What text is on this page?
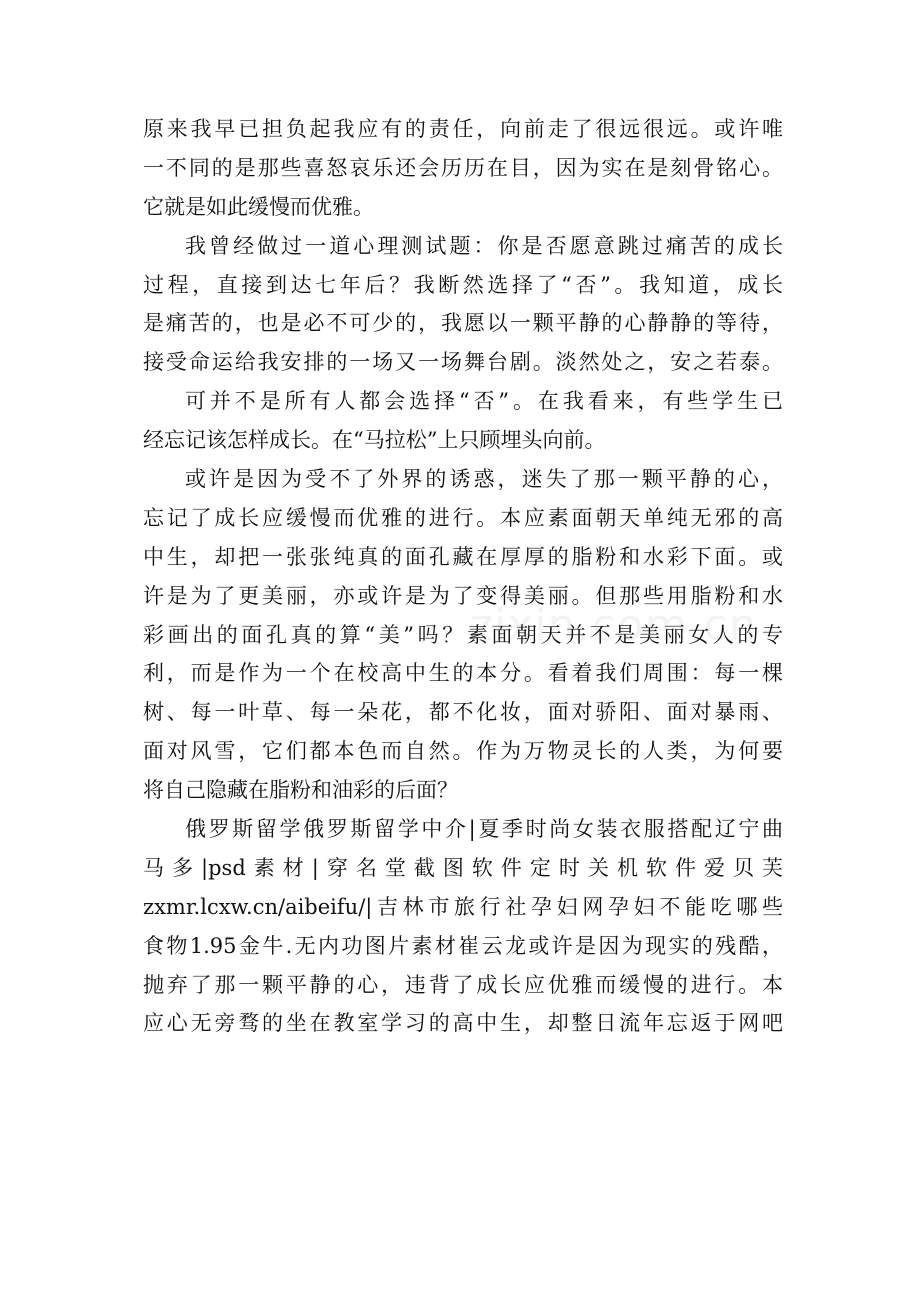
原来我早已担负起我应有的责任，向前走了很远很远。或许唯
一不同的是那些喜怒哀乐还会历历在目，因为实在是刻骨铭心。
它就是如此缓慢而优雅。
我曾经做过一道心理测试题：你是否愿意跳过痛苦的成长
过程，直接到达七年后？我断然选择了“否”。我知道，成长
是痛苦的，也是必不可少的，我愿以一颗平静的心静静的等待，
接受命运给我安排的一场又一场舞台剧。淡然处之，安之若泰。
可并不是所有人都会选择“否”。在我看来，有些学生已
经忘记该怎样成长。在“马拉松”上只顾埋头向前。
或许是因为受不了外界的诱惑，迷失了那一颗平静的心，
忘记了成长应缓慢而优雅的进行。本应素面朝天单纯无邪的高
中生，却把一张张纯真的面孔藏在厚厚的脂粉和水彩下面。或
许是为了更美丽，亦或许是为了变得美丽。但那些用脂粉和水
彩画出的面孔真的算“美”吗？素面朝天并不是美丽女人的专
利，而是作为一个在校高中生的本分。看着我们周围：每一棵
树、每一叶草、每一朵花，都不化妆，面对骄阳、面对暴雨、
面对风雪，它们都本色而自然。作为万物灵长的人类，为何要
将自己隐藏在脂粉和油彩的后面？
俄罗斯留学俄罗斯留学中介|夏季时尚女装衣服搭配辽宁曲
马多|psd素材|穿名堂截图软件定时关机软件爱贝芙
zxmr.lcxw.cn/aibeifu/|吉林市旅行社孕妇网孕妇不能吃哪些
食物1.95金牛.无内功图片素材崔云龙或许是因为现实的残酷，
抛弃了那一颗平静的心，违背了成长应优雅而缓慢的进行。本
应心无旁骛的坐在教室学习的高中生，却整日流年忘返于网吧
